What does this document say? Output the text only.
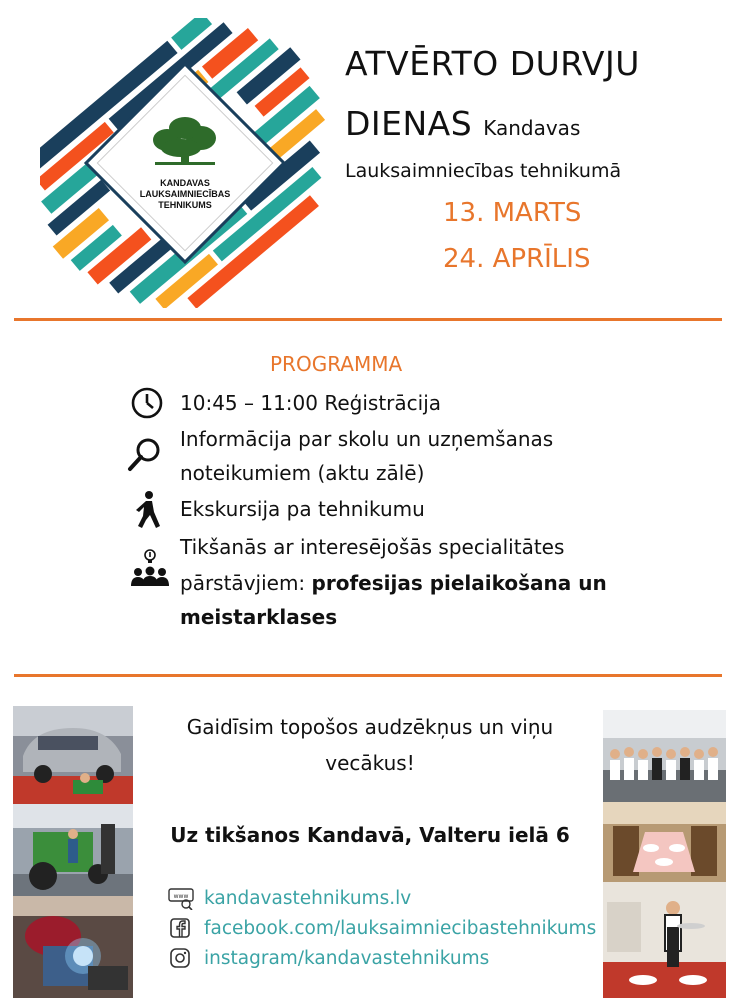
KANDAVAS
LAUKSAIMNIECĪBAS
TEHNIKUMS
ATVĒRTO DURVJU
DIENAS Kandavas
Lauksaimniecības tehnikumā
13. MARTS
24. APRĪLIS
PROGRAMMA
10:45 – 11:00 Reģistrācija
Informācija par skolu un uzņemšanas
noteikumiem (aktu zālē)
Ekskursija pa tehnikumu
Tikšanās ar interesējošās specialitātes
pārstāvjiem: profesijas pielaikošana un
meistarklases
Gaidīsim topošos audzēkņus un viņu
vecākus!
Uz tikšanos Kandavā, Valteru ielā 6
www kandavastehnikums.lv
facebook.com/lauksaimniecibastehnikums
instagram/kandavastehnikums
